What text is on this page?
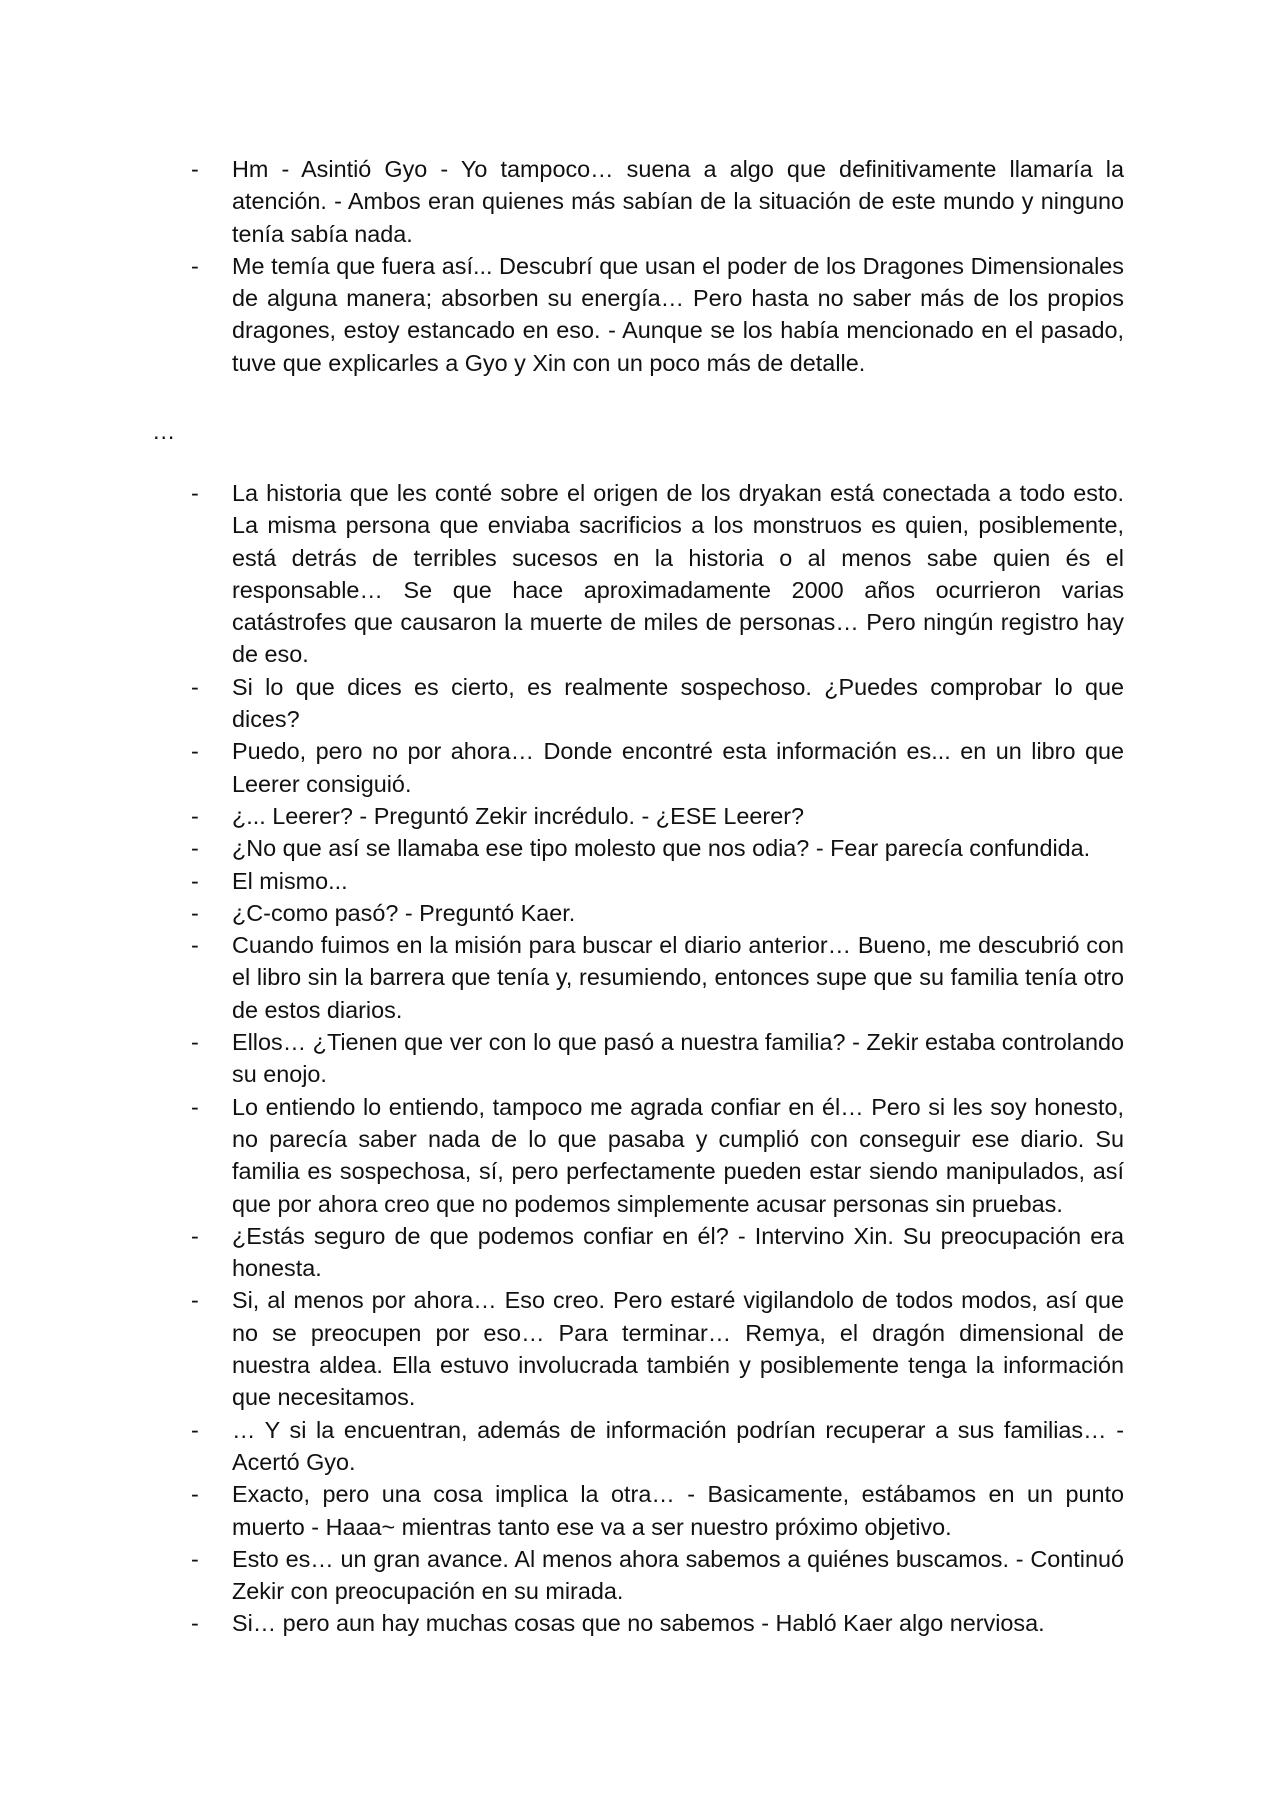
- Hm - Asintió Gyo - Yo tampoco… suena a algo que definitivamente llamaría la atención. - Ambos eran quienes más sabían de la situación de este mundo y ninguno tenía sabía nada.
- Me temía que fuera así... Descubrí que usan el poder de los Dragones Dimensionales de alguna manera; absorben su energía… Pero hasta no saber más de los propios dragones, estoy estancado en eso. - Aunque se los había mencionado en el pasado, tuve que explicarles a Gyo y Xin con un poco más de detalle.
…
- La historia que les conté sobre el origen de los dryakan está conectada a todo esto. La misma persona que enviaba sacrificios a los monstruos es quien, posiblemente, está detrás de terribles sucesos en la historia o al menos sabe quien és el responsable… Se que hace aproximadamente 2000 años ocurrieron varias catástrofes que causaron la muerte de miles de personas… Pero ningún registro hay de eso.
- Si lo que dices es cierto, es realmente sospechoso. ¿Puedes comprobar lo que dices?
- Puedo, pero no por ahora… Donde encontré esta información es... en un libro que Leerer consiguió.
- ¿... Leerer? - Preguntó Zekir incrédulo. - ¿ESE Leerer?
- ¿No que así se llamaba ese tipo molesto que nos odia? - Fear parecía confundida.
- El mismo...
- ¿C-como pasó? - Preguntó Kaer.
- Cuando fuimos en la misión para buscar el diario anterior… Bueno, me descubrió con el libro sin la barrera que tenía y, resumiendo, entonces supe que su familia tenía otro de estos diarios.
- Ellos… ¿Tienen que ver con lo que pasó a nuestra familia? - Zekir estaba controlando su enojo.
- Lo entiendo lo entiendo, tampoco me agrada confiar en él… Pero si les soy honesto, no parecía saber nada de lo que pasaba y cumplió con conseguir ese diario. Su familia es sospechosa, sí, pero perfectamente pueden estar siendo manipulados, así que por ahora creo que no podemos simplemente acusar personas sin pruebas.
- ¿Estás seguro de que podemos confiar en él? - Intervino Xin. Su preocupación era honesta.
- Si, al menos por ahora… Eso creo. Pero estaré vigilandolo de todos modos, así que no se preocupen por eso… Para terminar… Remya, el dragón dimensional de nuestra aldea. Ella estuvo involucrada también y posiblemente tenga la información que necesitamos.
- … Y si la encuentran, además de información podrían recuperar a sus familias… - Acertó Gyo.
- Exacto, pero una cosa implica la otra… - Basicamente, estábamos en un punto muerto - Haaa~ mientras tanto ese va a ser nuestro próximo objetivo.
- Esto es… un gran avance. Al menos ahora sabemos a quiénes buscamos. - Continuó Zekir con preocupación en su mirada.
- Si… pero aun hay muchas cosas que no sabemos - Habló Kaer algo nerviosa.
